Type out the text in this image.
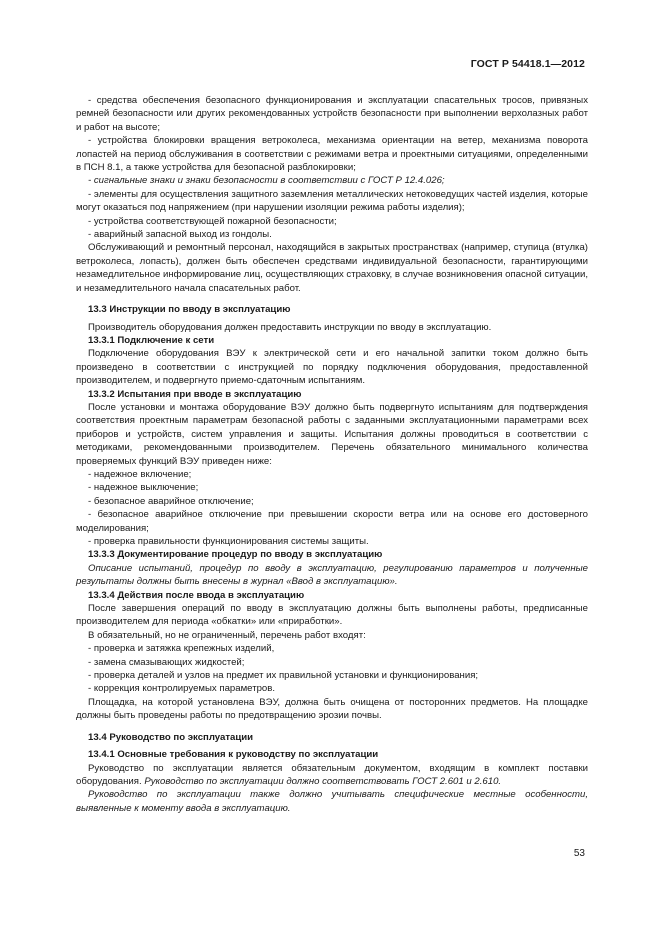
ГОСТ Р 54418.1—2012

- средства обеспечения безопасного функционирования и эксплуатации спасательных тросов, привязных ремней безопасности или других рекомендованных устройств безопасности при выполнении верхолазных работ и работ на высоте;

- устройства блокировки вращения ветроколеса, механизма ориентации на ветер, механизма поворота лопастей на период обслуживания в соответствии с режимами ветра и проектными ситуациями, определенными в ПСН 8.1, а также устройства для безопасной разблокировки;

- сигнальные знаки и знаки безопасности в соответствии с ГОСТ Р 12.4.026;

- элементы для осуществления защитного заземления металлических нетоковедущих частей изделия, которые могут оказаться под напряжением (при нарушении изоляции режима работы изделия);

- устройства соответствующей пожарной безопасности;

- аварийный запасной выход из гондолы.

Обслуживающий и ремонтный персонал, находящийся в закрытых пространствах (например, ступица (втулка) ветроколеса, лопасть), должен быть обеспечен средствами индивидуальной безопасности, гарантирующими незамедлительное информирование лиц, осуществляющих страховку, в случае возникновения опасной ситуации, и незамедлительного начала спасательных работ.

13.3 Инструкции по вводу в эксплуатацию

Производитель оборудования должен предоставить инструкции по вводу в эксплуатацию.

13.3.1 Подключение к сети

Подключение оборудования ВЭУ к электрической сети и его начальной запитки током должно быть произведено в соответствии с инструкцией по порядку подключения оборудования, предоставленной производителем, и подвергнуто приемо-сдаточным испытаниям.

13.3.2 Испытания при вводе в эксплуатацию

После установки и монтажа оборудование ВЭУ должно быть подвергнуто испытаниям для подтверждения соответствия проектным параметрам безопасной работы с заданными эксплуатационными параметрами всех приборов и устройств, систем управления и защиты. Испытания должны проводиться в соответствии с методиками, рекомендованными производителем. Перечень обязательного минимального количества проверяемых функций ВЭУ приведен ниже:

- надежное включение;

- надежное выключение;

- безопасное аварийное отключение;

- безопасное аварийное отключение при превышении скорости ветра или на основе его достоверного моделирования;

- проверка правильности функционирования системы защиты.

13.3.3 Документирование процедур по вводу в эксплуатацию

Описание испытаний, процедур по вводу в эксплуатацию, регулированию параметров и полученные результаты должны быть внесены в журнал «Ввод в эксплуатацию».

13.3.4 Действия после ввода в эксплуатацию

После завершения операций по вводу в эксплуатацию должны быть выполнены работы, предписанные производителем для периода «обкатки» или «приработки».

В обязательный, но не ограниченный, перечень работ входят:

- проверка и затяжка крепежных изделий,

- замена смазывающих жидкостей;

- проверка деталей и узлов на предмет их правильной установки и функционирования;

- коррекция контролируемых параметров.

Площадка, на которой установлена ВЭУ, должна быть очищена от посторонних предметов. На площадке должны быть проведены работы по предотвращению эрозии почвы.

13.4 Руководство по эксплуатации

13.4.1 Основные требования к руководству по эксплуатации

Руководство по эксплуатации является обязательным документом, входящим в комплект поставки оборудования. Руководство по эксплуатации должно соответствовать ГОСТ 2.601 и 2.610.

Руководство по эксплуатации также должно учитывать специфические местные особенности, выявленные к моменту ввода в эксплуатацию.

53
